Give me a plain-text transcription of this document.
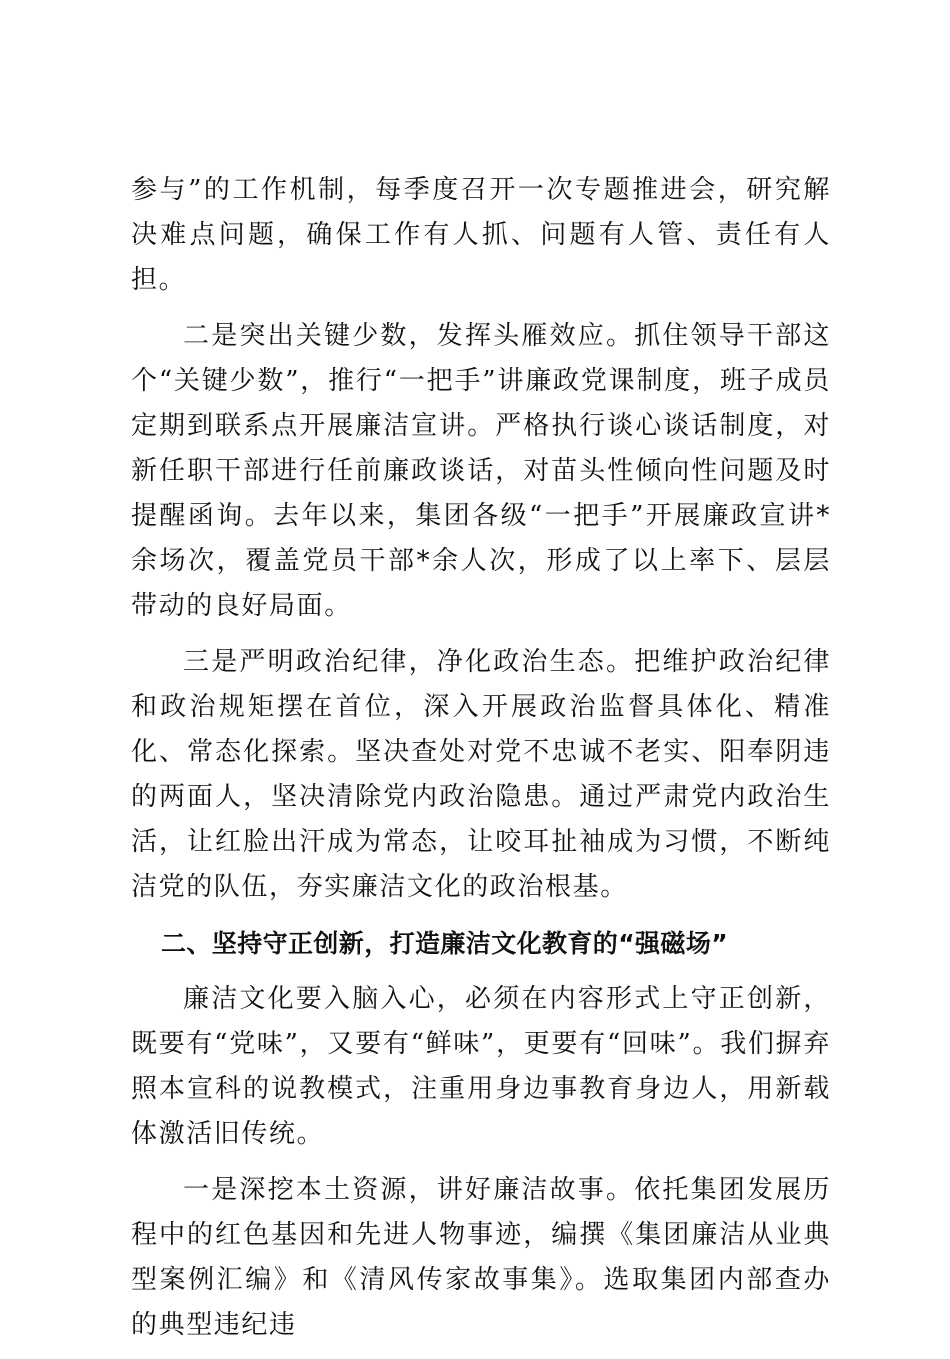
参与”的工作机制，每季度召开一次专题推进会，研究解决难点问题，确保工作有人抓、问题有人管、责任有人担。

二是突出关键少数，发挥头雁效应。抓住领导干部这个“关键少数”，推行“一把手”讲廉政党课制度，班子成员定期到联系点开展廉洁宣讲。严格执行谈心谈话制度，对新任职干部进行任前廉政谈话，对苗头性倾向性问题及时提醒函询。去年以来，集团各级“一把手”开展廉政宣讲*余场次，覆盖党员干部*余人次，形成了以上率下、层层带动的良好局面。

三是严明政治纪律，净化政治生态。把维护政治纪律和政治规矩摆在首位，深入开展政治监督具体化、精准化、常态化探索。坚决查处对党不忠诚不老实、阳奉阴违的两面人，坚决清除党内政治隐患。通过严肃党内政治生活，让红脸出汗成为常态，让咬耳扯袖成为习惯，不断纯洁党的队伍，夯实廉洁文化的政治根基。

二、坚持守正创新，打造廉洁文化教育的“强磁场”

廉洁文化要入脑入心，必须在内容形式上守正创新，既要有“党味”，又要有“鲜味”，更要有“回味”。我们摒弃照本宣科的说教模式，注重用身边事教育身边人，用新载体激活旧传统。

一是深挖本土资源，讲好廉洁故事。依托集团发展历程中的红色基因和先进人物事迹，编撰《集团廉洁从业典型案例汇编》和《清风传家故事集》。选取集团内部查办的典型违纪违
